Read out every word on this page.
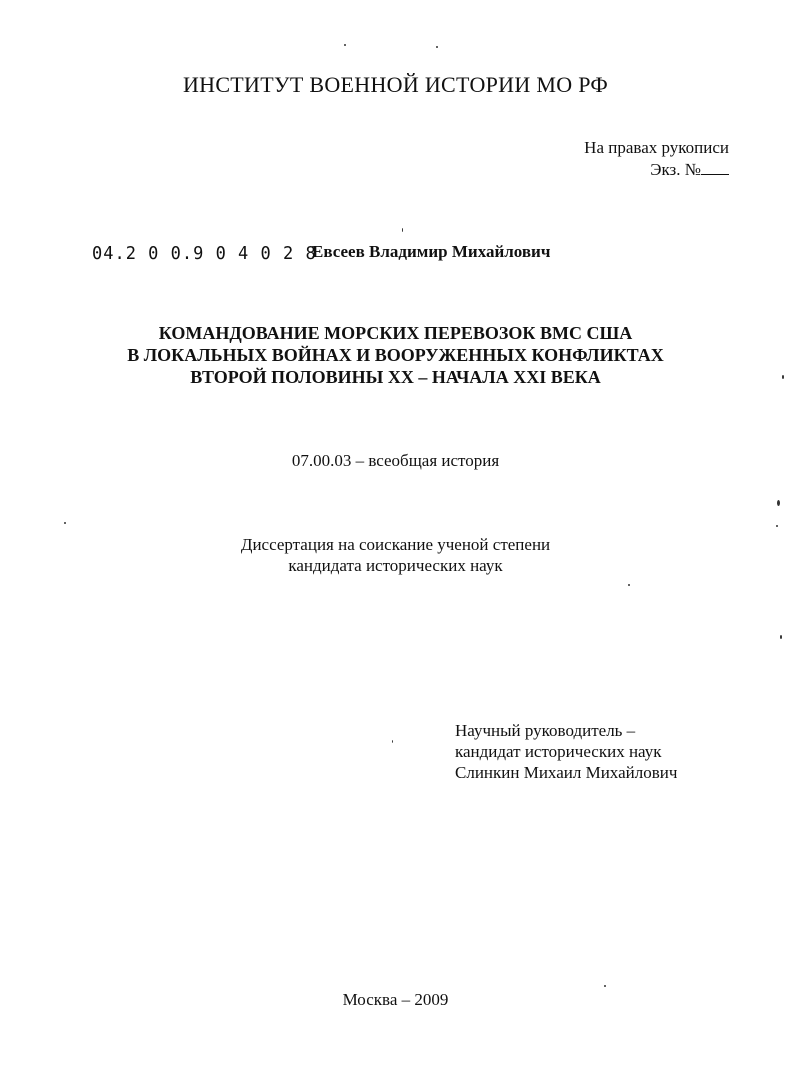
ИНСТИТУТ ВОЕННОЙ ИСТОРИИ МО РФ
На правах рукописи
Экз. №
04.2 0 0.9 0 4 0 2 8
Евсеев Владимир Михайлович
КОМАНДОВАНИЕ МОРСКИХ ПЕРЕВОЗОК ВМС США
В ЛОКАЛЬНЫХ ВОЙНАХ И ВООРУЖЕННЫХ КОНФЛИКТАХ
ВТОРОЙ ПОЛОВИНЫ XX – НАЧАЛА XXI ВЕКА
07.00.03 – всеобщая история
Диссертация на соискание ученой степени
кандидата исторических наук
Научный руководитель –
кандидат исторических наук
Слинкин Михаил Михайлович
Москва – 2009
